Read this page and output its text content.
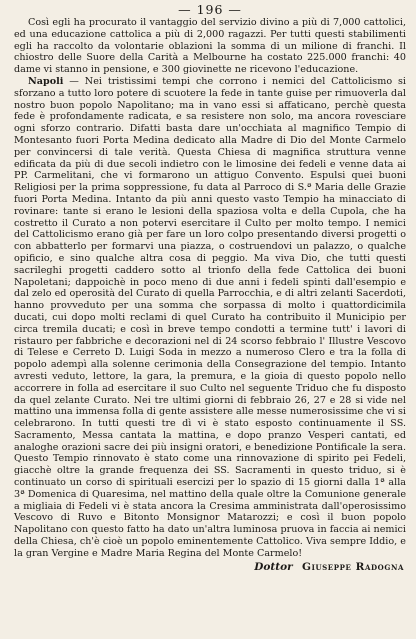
— 196 —

Così egli ha procurato il vantaggio del servizio divino a più di 7,000 cattolici, ed una educazione cattolica a più di 2,000 ragazzi. Per tutti questi stabilimenti egli ha raccolto da volontarie oblazioni la somma di un milione di franchi. Il chiostro delle Suore della Carità a Melbourne ha costato 225.000 franchi: 40 dame vi stanno in pensione, e 300 giovinette ne ricevono l'educazione.

Napoli — Nei tristissimi tempi che corrono i nemici del Cattolicismo si sforzano a tutto loro potere di scuotere la fede in tante guise per rimuoverla dal nostro buon popolo Napolitano; ma in vano essi si affaticano, perchè questa fede è profondamente radicata, e sa resistere non solo, ma ancora rovesciare ogni sforzo contrario. Difatti basta dare un'occhiata al magnifico Tempio di Montesanto fuori Porta Medina dedicato alla Madre di Dio del Monte Carmelo per convincersi di tale verità. Questa Chiesa di magnifica struttura venne edificata da più di due secoli indietro con le limosine dei fedeli e venne data ai PP. Carmelitani, che vi formarono un attiguo Convento. Espulsi quei buoni Religiosi per la prima soppressione, fu data al Parroco di S.ª Maria delle Grazie fuori Porta Medina. Intanto da più anni questo vasto Tempio ha minacciato di rovinare: tante si erano le lesioni della spaziosa volta e della Cupola, che ha costretto il Curato a non potervi esercitare il Culto per molto tempo. I nemici del Cattolicismo erano già per fare un loro colpo presentando diversi progetti o con abbatterlo per formarvi una piazza, o costruendovi un palazzo, o qualche opificio, e sino qualche altra cosa di peggio. Ma viva Dio, che tutti questi sacrileghi progetti caddero sotto al trionfo della fede Cattolica dei buoni Napoletani; dappoichè in poco meno di due anni i fedeli spinti dall'esempio e dal zelo ed operosità del Curato di quella Parrocchia, e di altri zelanti Sacerdoti, hanno provveduto per una somma che sorpassa di molto i quattordicimila ducati, cui dopo molti reclami di quel Curato ha contribuito il Municipio per circa tremila ducati; e così in breve tempo condotti a termine tutt' i lavori di ristauro per fabbriche e decorazioni nel di 24 scorso febbraio l' Illustre Vescovo di Telese e Cerreto D. Luigi Soda in mezzo a numeroso Clero e tra la folla di popolo adempì alla solenne cerimonia della Consegrazione del tempio. Intanto avresti veduto, lettore, la gara, la premura, e la gioia di questo popolo nello accorrere in folla ad esercitare il suo Culto nel seguente Triduo che fu disposto da quel zelante Curato. Nei tre ultimi giorni di febbraio 26, 27 e 28 si vide nel mattino una immensa folla di gente assistere alle messe numerosissime che vi si celebrarono. In tutti questi tre dì vi è stato esposto continuamente il SS. Sacramento, Messa cantata la mattina, e dopo pranzo Vesperi cantati, ed analoghe orazioni sacre dei più insigni oratori, e benedizione Pontificale la sera. Questo Tempio rinnovato è stato come una rinnovazione di spirito pei Fedeli, giacchè oltre la grande frequenza dei SS. Sacramenti in questo triduo, si è continuato un corso di spirituali esercizi per lo spazio di 15 giorni dalla 1ª alla 3ª Domenica di Quaresima, nel mattino della quale oltre la Comunione generale a migliaia di Fedeli vi è stata ancora la Cresima amministrata dall'operosissimo Vescovo di Ruvo e Bitonto Monsignor Matarozzi; e così il buon popolo Napolitano con questo fatto ha dato un'altra luminosa pruova in faccia ai nemici della Chiesa, ch'è cioè un popolo eminentemente Cattolico. Viva sempre Iddio, e la gran Vergine e Madre Maria Regina del Monte Carmelo!

Dottor Giuseppe Radogna
